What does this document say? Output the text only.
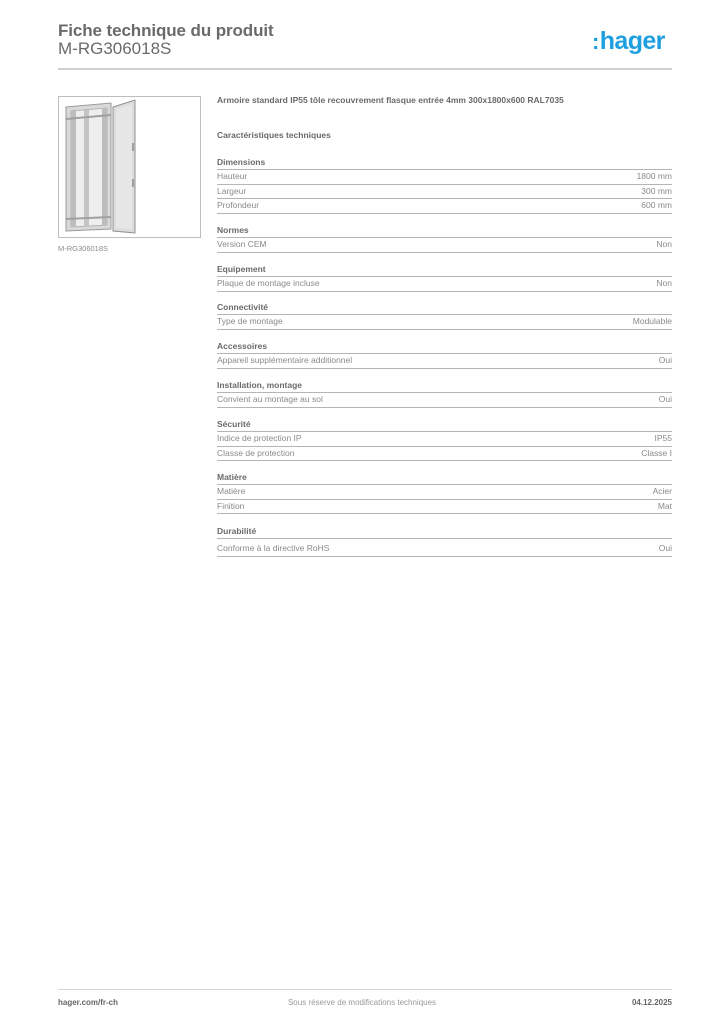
Fiche technique du produit
M-RG306018S	:hager
M-RG306018S
Armoire standard IP55 tôle recouvrement flasque entrée 4mm 300x1800x600 RAL7035
Caractéristiques techniques
Dimensions
Hauteur	1800 mm
Largeur	300 mm
Profondeur	600 mm
Normes
Version CEM	Non
Equipement
Plaque de montage incluse	Non
Connectivité
Type de montage	Modulable
Accessoires
Appareil supplémentaire additionnel	Oui
Installation, montage
Convient au montage au sol	Oui
Sécurité
Indice de protection IP	IP55
Classe de protection	Classe I
Matière
Matière	Acier
Finition	Mat
Durabilité
Conforme à la directive RoHS	Oui
hager.com/fr-ch	Sous réserve de modifications techniques	04.12.2025
